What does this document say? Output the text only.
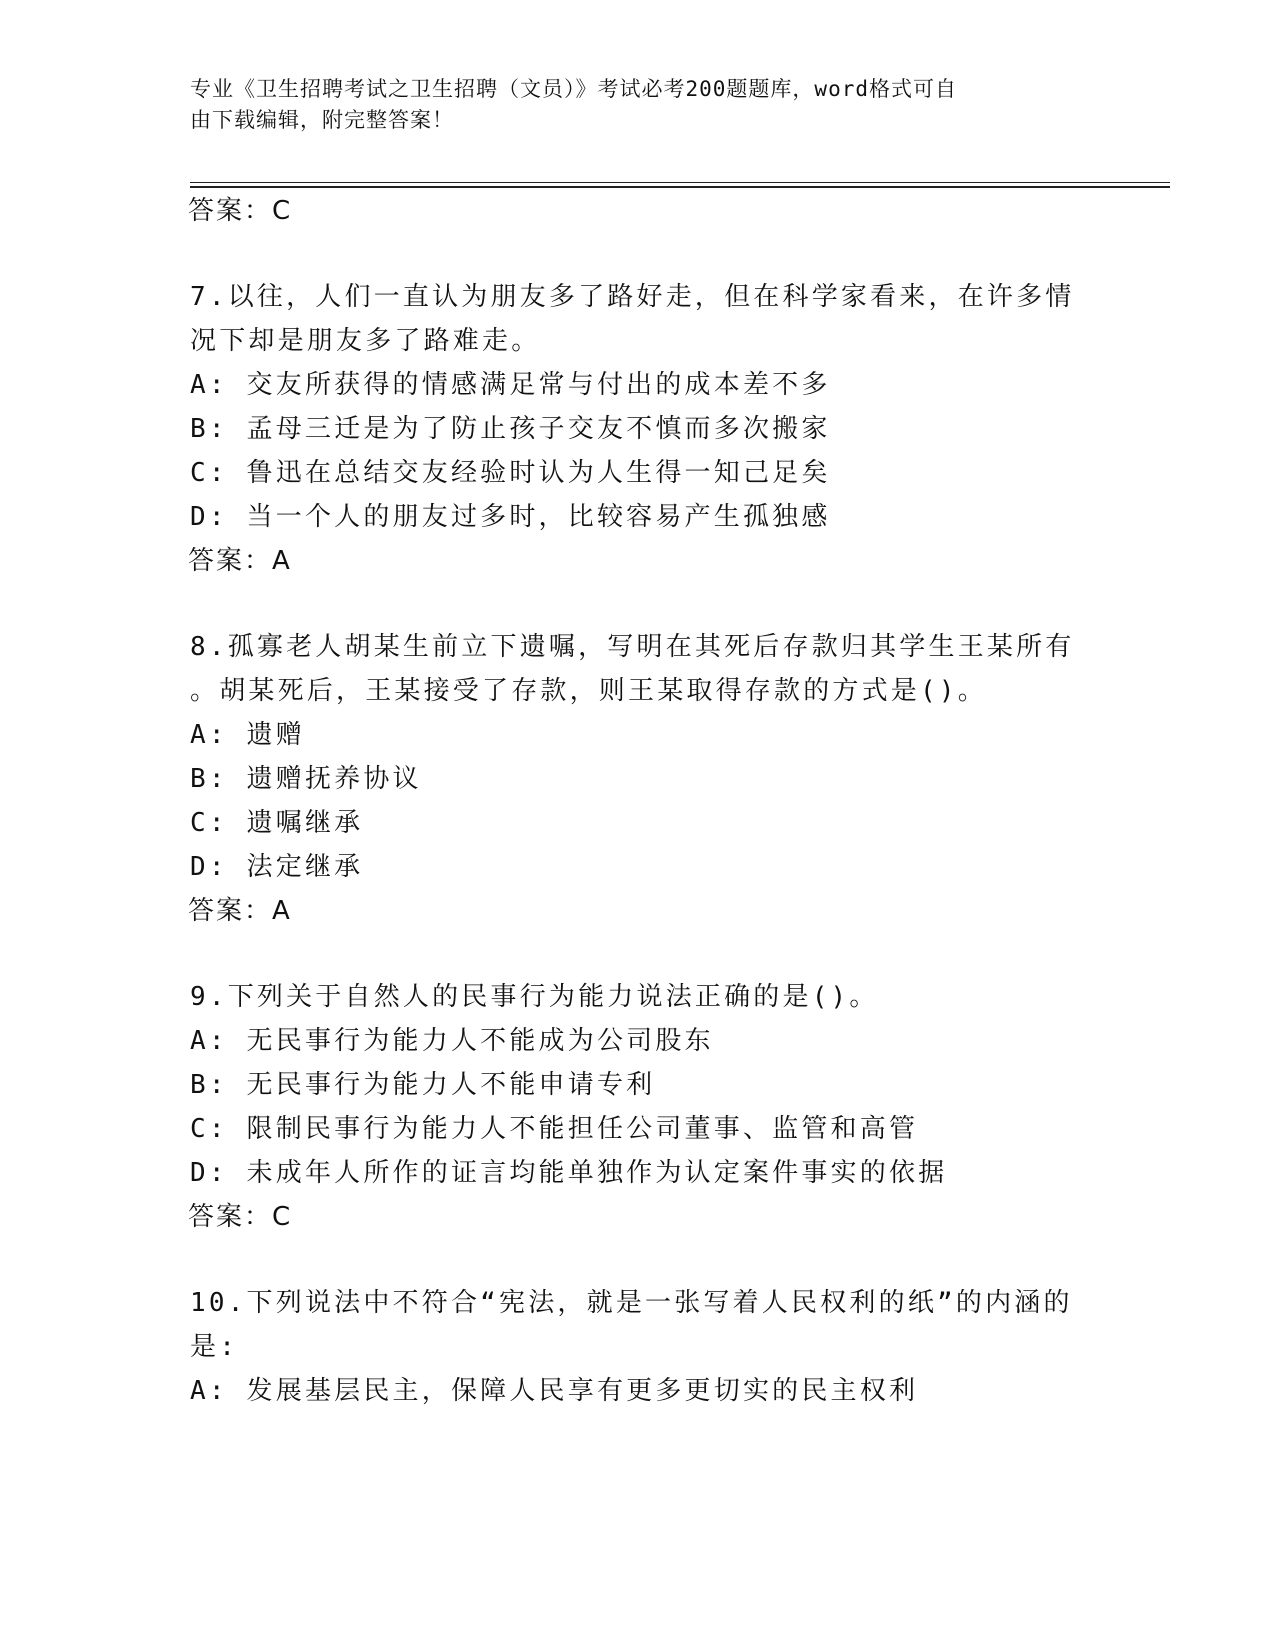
专业《卫生招聘考试之卫生招聘（文员）》考试必考200题题库，word格式可自
由下载编辑，附完整答案！
答案：C
7.以往，人们一直认为朋友多了路好走，但在科学家看来，在许多情
况下却是朋友多了路难走。
A: 交友所获得的情感满足常与付出的成本差不多
B: 孟母三迁是为了防止孩子交友不慎而多次搬家
C: 鲁迅在总结交友经验时认为人生得一知己足矣
D: 当一个人的朋友过多时，比较容易产生孤独感
答案：A
8.孤寡老人胡某生前立下遗嘱，写明在其死后存款归其学生王某所有
。胡某死后，王某接受了存款，则王某取得存款的方式是()。
A: 遗赠
B: 遗赠抚养协议
C: 遗嘱继承
D: 法定继承
答案：A
9.下列关于自然人的民事行为能力说法正确的是()。
A: 无民事行为能力人不能成为公司股东
B: 无民事行为能力人不能申请专利
C: 限制民事行为能力人不能担任公司董事、监管和高管
D: 未成年人所作的证言均能单独作为认定案件事实的依据
答案：C
10.下列说法中不符合“宪法，就是一张写着人民权利的纸”的内涵的
是:
A: 发展基层民主，保障人民享有更多更切实的民主权利
